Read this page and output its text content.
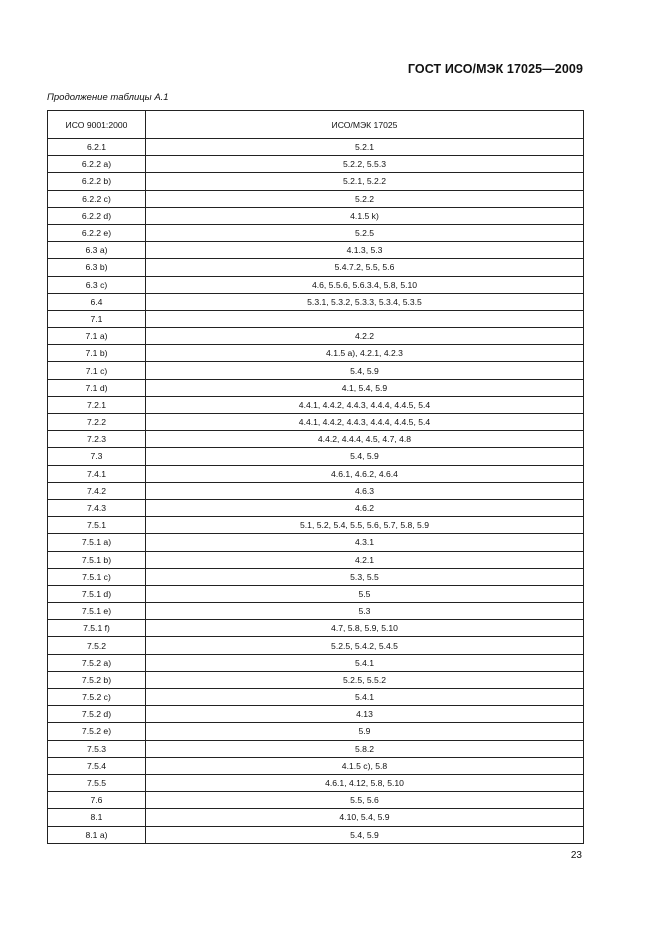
ГОСТ ИСО/МЭК 17025—2009
Продолжение таблицы А.1
ИСО 9001:2000	ИСО/МЭК 17025
6.2.1	5.2.1
6.2.2 a)	5.2.2, 5.5.3
6.2.2 b)	5.2.1, 5.2.2
6.2.2 c)	5.2.2
6.2.2 d)	4.1.5 k)
6.2.2 e)	5.2.5
6.3 a)	4.1.3, 5.3
6.3 b)	5.4.7.2, 5.5, 5.6
6.3 c)	4.6, 5.5.6, 5.6.3.4, 5.8, 5.10
6.4	5.3.1, 5.3.2, 5.3.3, 5.3.4, 5.3.5
7.1	
7.1 a)	4.2.2
7.1 b)	4.1.5 a), 4.2.1, 4.2.3
7.1 c)	5.4, 5.9
7.1 d)	4.1, 5.4, 5.9
7.2.1	4.4.1, 4.4.2, 4.4.3, 4.4.4, 4.4.5, 5.4
7.2.2	4.4.1, 4.4.2, 4.4.3, 4.4.4, 4.4.5, 5.4
7.2.3	4.4.2, 4.4.4, 4.5, 4.7, 4.8
7.3	5.4, 5.9
7.4.1	4.6.1, 4.6.2, 4.6.4
7.4.2	4.6.3
7.4.3	4.6.2
7.5.1	5.1, 5.2, 5.4, 5.5, 5.6, 5.7, 5.8, 5.9
7.5.1 a)	4.3.1
7.5.1 b)	4.2.1
7.5.1 c)	5.3, 5.5
7.5.1 d)	5.5
7.5.1 e)	5.3
7.5.1 f)	4.7, 5.8, 5.9, 5.10
7.5.2	5.2.5, 5.4.2, 5.4.5
7.5.2 a)	5.4.1
7.5.2 b)	5.2.5, 5.5.2
7.5.2 c)	5.4.1
7.5.2 d)	4.13
7.5.2 e)	5.9
7.5.3	5.8.2
7.5.4	4.1.5 c), 5.8
7.5.5	4.6.1, 4.12, 5.8, 5.10
7.6	5.5, 5.6
8.1	4.10, 5.4, 5.9
8.1 a)	5.4, 5.9
23
